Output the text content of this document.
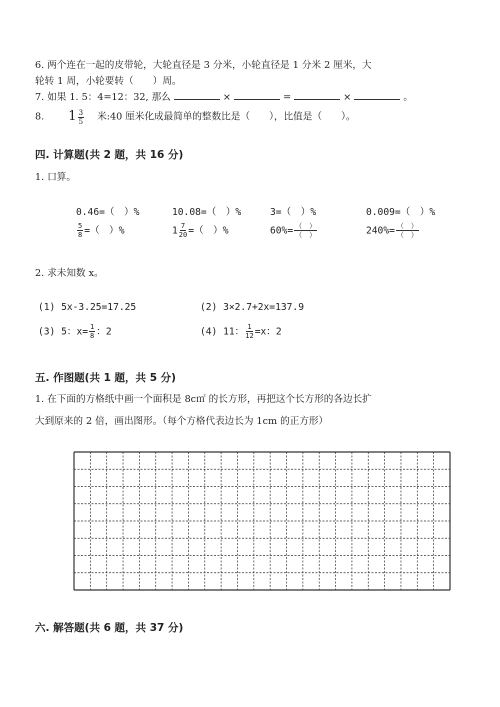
6. 两个连在一起的皮带轮，大轮直径是 3 分米，小轮直径是 1 分米 2 厘米，大
轮转 1 周，小轮要转（　　）周。
7. 如果 1. 5：4=12：32, 那么	×	=	×	。
8. $1 \frac{3}{5}$ 米:40 厘米化成最简单的整数比是（　　），比值是（　　）。
四. 计算题(共 2 题，共 16 分)
1. 口算。
0.46=（　）%	10.08=（　）%	3=（　）%	0.009=（　）%
$\frac{5}{8}$ =（　）%	$1 \frac{7}{20}$ =（　）%	$60\%= \frac{( )}{( )}$	$240\%= \frac{( )}{( )}$
2. 求未知数 x。
(1) 5x-3.25=17.25	(2) 3×2.7+2x=137.9
(3) 5：$x= \frac{1}{8}$ ：2	(4) 11： $\frac{1}{12} =x$：2
五. 作图题(共 1 题，共 5 分)
1. 在下面的方格纸中画一个面积是 8c㎡ 的长方形，再把这个长方形的各边长扩
大到原来的 2 倍，画出图形。（每个方格代表边长为 1cm 的正方形）
六. 解答题(共 6 题，共 37 分)
